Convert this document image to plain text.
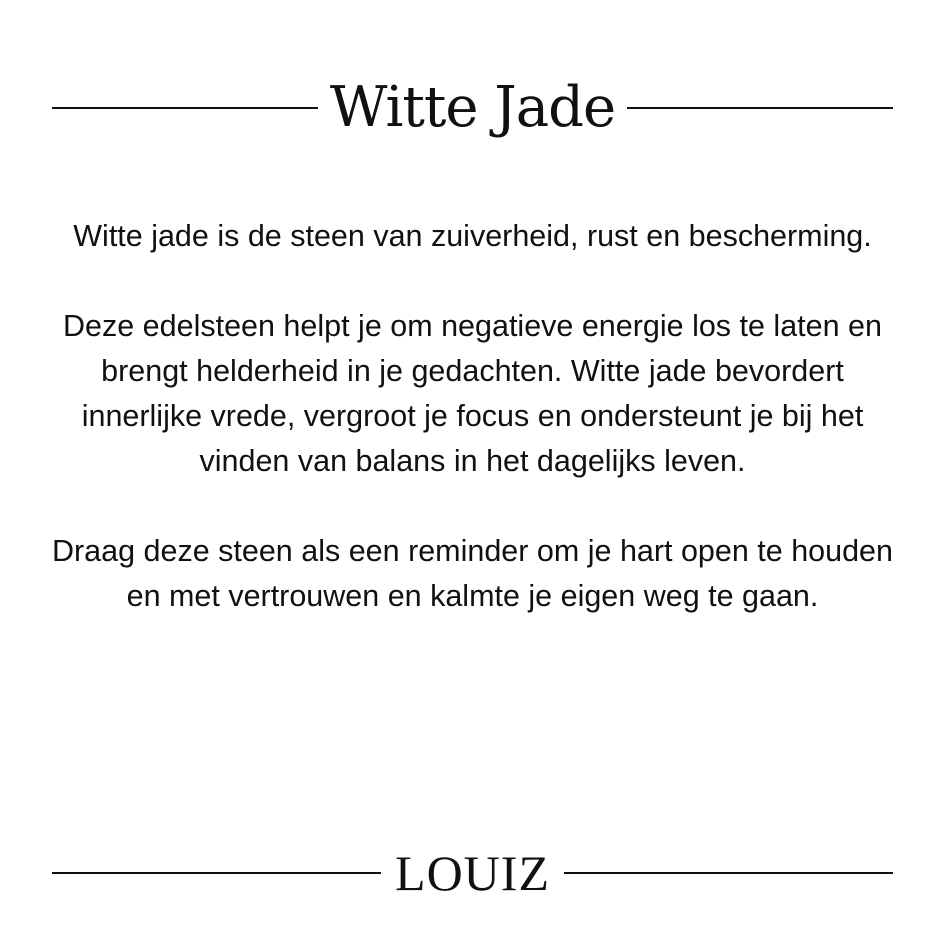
Witte Jade

Witte jade is de steen van zuiverheid, rust en bescherming.

Deze edelsteen helpt je om negatieve energie los te laten en brengt helderheid in je gedachten. Witte jade bevordert innerlijke vrede, vergroot je focus en ondersteunt je bij het vinden van balans in het dagelijks leven.

Draag deze steen als een reminder om je hart open te houden en met vertrouwen en kalmte je eigen weg te gaan.

LOUIZ
